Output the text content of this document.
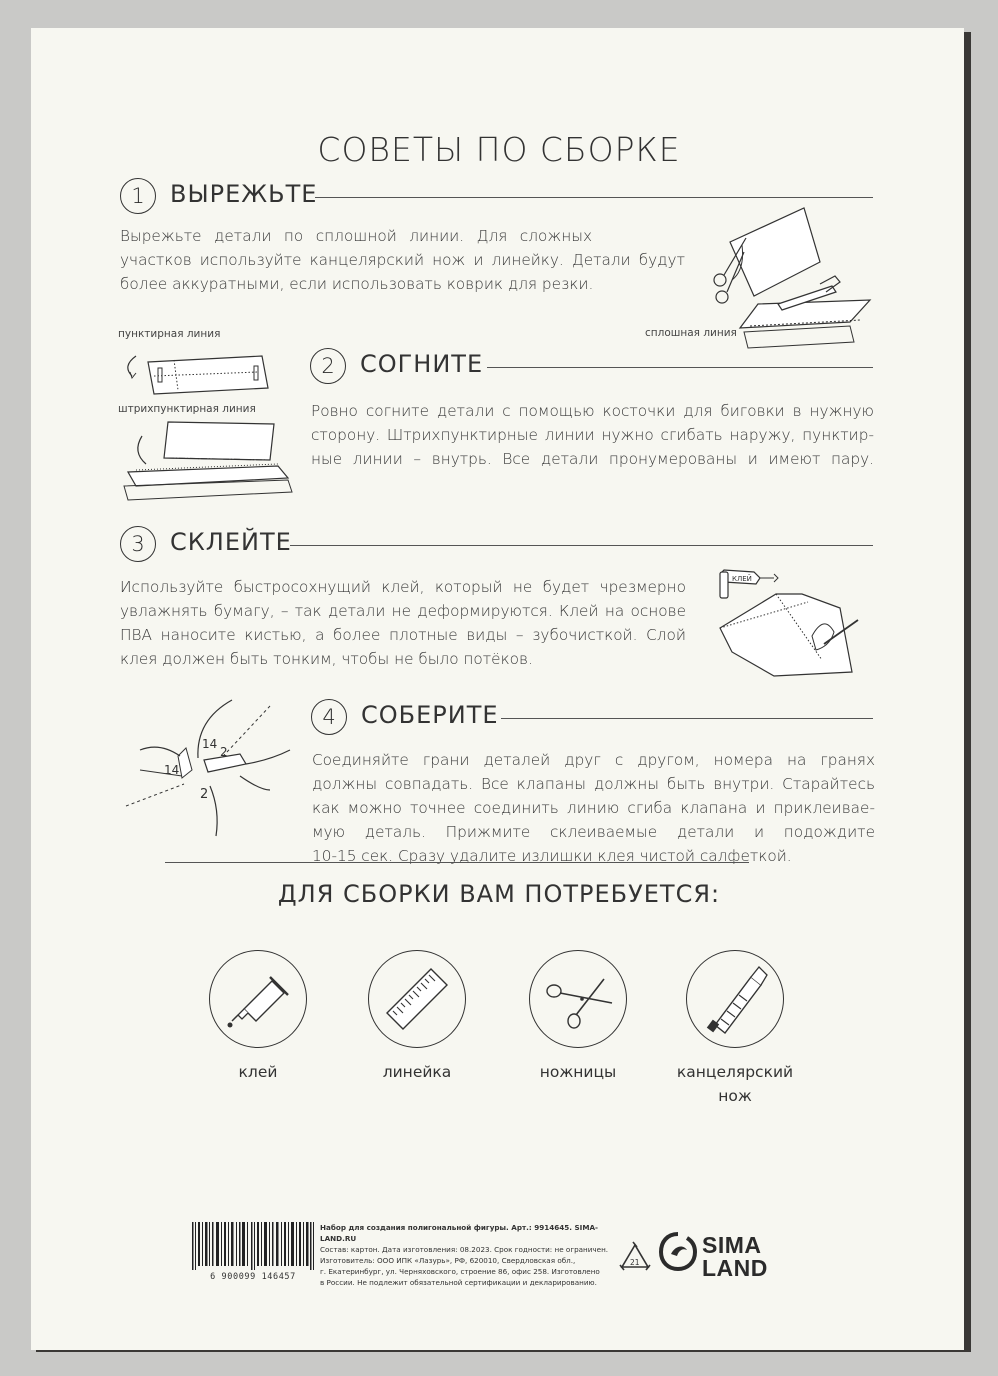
СОВЕТЫ ПО СБОРКЕ
1	ВЫРЕЖЬТЕ
Вырежьте детали по сплошной линии. Для сложных
участков используйте канцелярский нож и линейку. Детали будут
более аккуратными, если использовать коврик для резки.
сплошная линия
пунктирная линия
штрихпунктирная линия
2	СОГНИТЕ
Ровно согните детали с помощью косточки для биговки в нужную
сторону. Штрихпунктирные линии нужно сгибать наружу, пунктир-
ные линии – внутрь. Все детали пронумерованы и имеют пару.
3	СКЛЕЙТЕ
Используйте быстросохнущий клей, который не будет чрезмерно
увлажнять бумагу, – так детали не деформируются. Клей на основе
ПВА наносите кистью, а более плотные виды – зубочисткой. Слой
клея должен быть тонким, чтобы не было потёков.
КЛЕЙ
14
2
14
2
4	СОБЕРИТЕ
Соединяйте грани деталей друг с другом, номера на гранях
должны совпадать. Все клапаны должны быть внутри. Старайтесь
как можно точнее соединить линию сгиба клапана и приклеивае-
мую деталь. Прижмите склеиваемые детали и подождите
10-15 сек. Сразу удалите излишки клея чистой салфеткой.
ДЛЯ СБОРКИ ВАМ ПОТРЕБУЕТСЯ:
клей	линейка	ножницы	канцелярский
нож
6 900099 146457
Набор для создания полигональной фигуры. Арт.: 9914645. SIMA-LAND.RU
Состав: картон. Дата изготовления: 08.2023. Срок годности: не ограничен.
Изготовитель: ООО ИПК «Лазурь», РФ, 620010, Свердловская обл.,
г. Екатеринбург, ул. Черняховского, строение 86, офис 258. Изготовлено
в России. Не подлежит обязательной сертификации и декларированию.
21
SIMA
LAND
